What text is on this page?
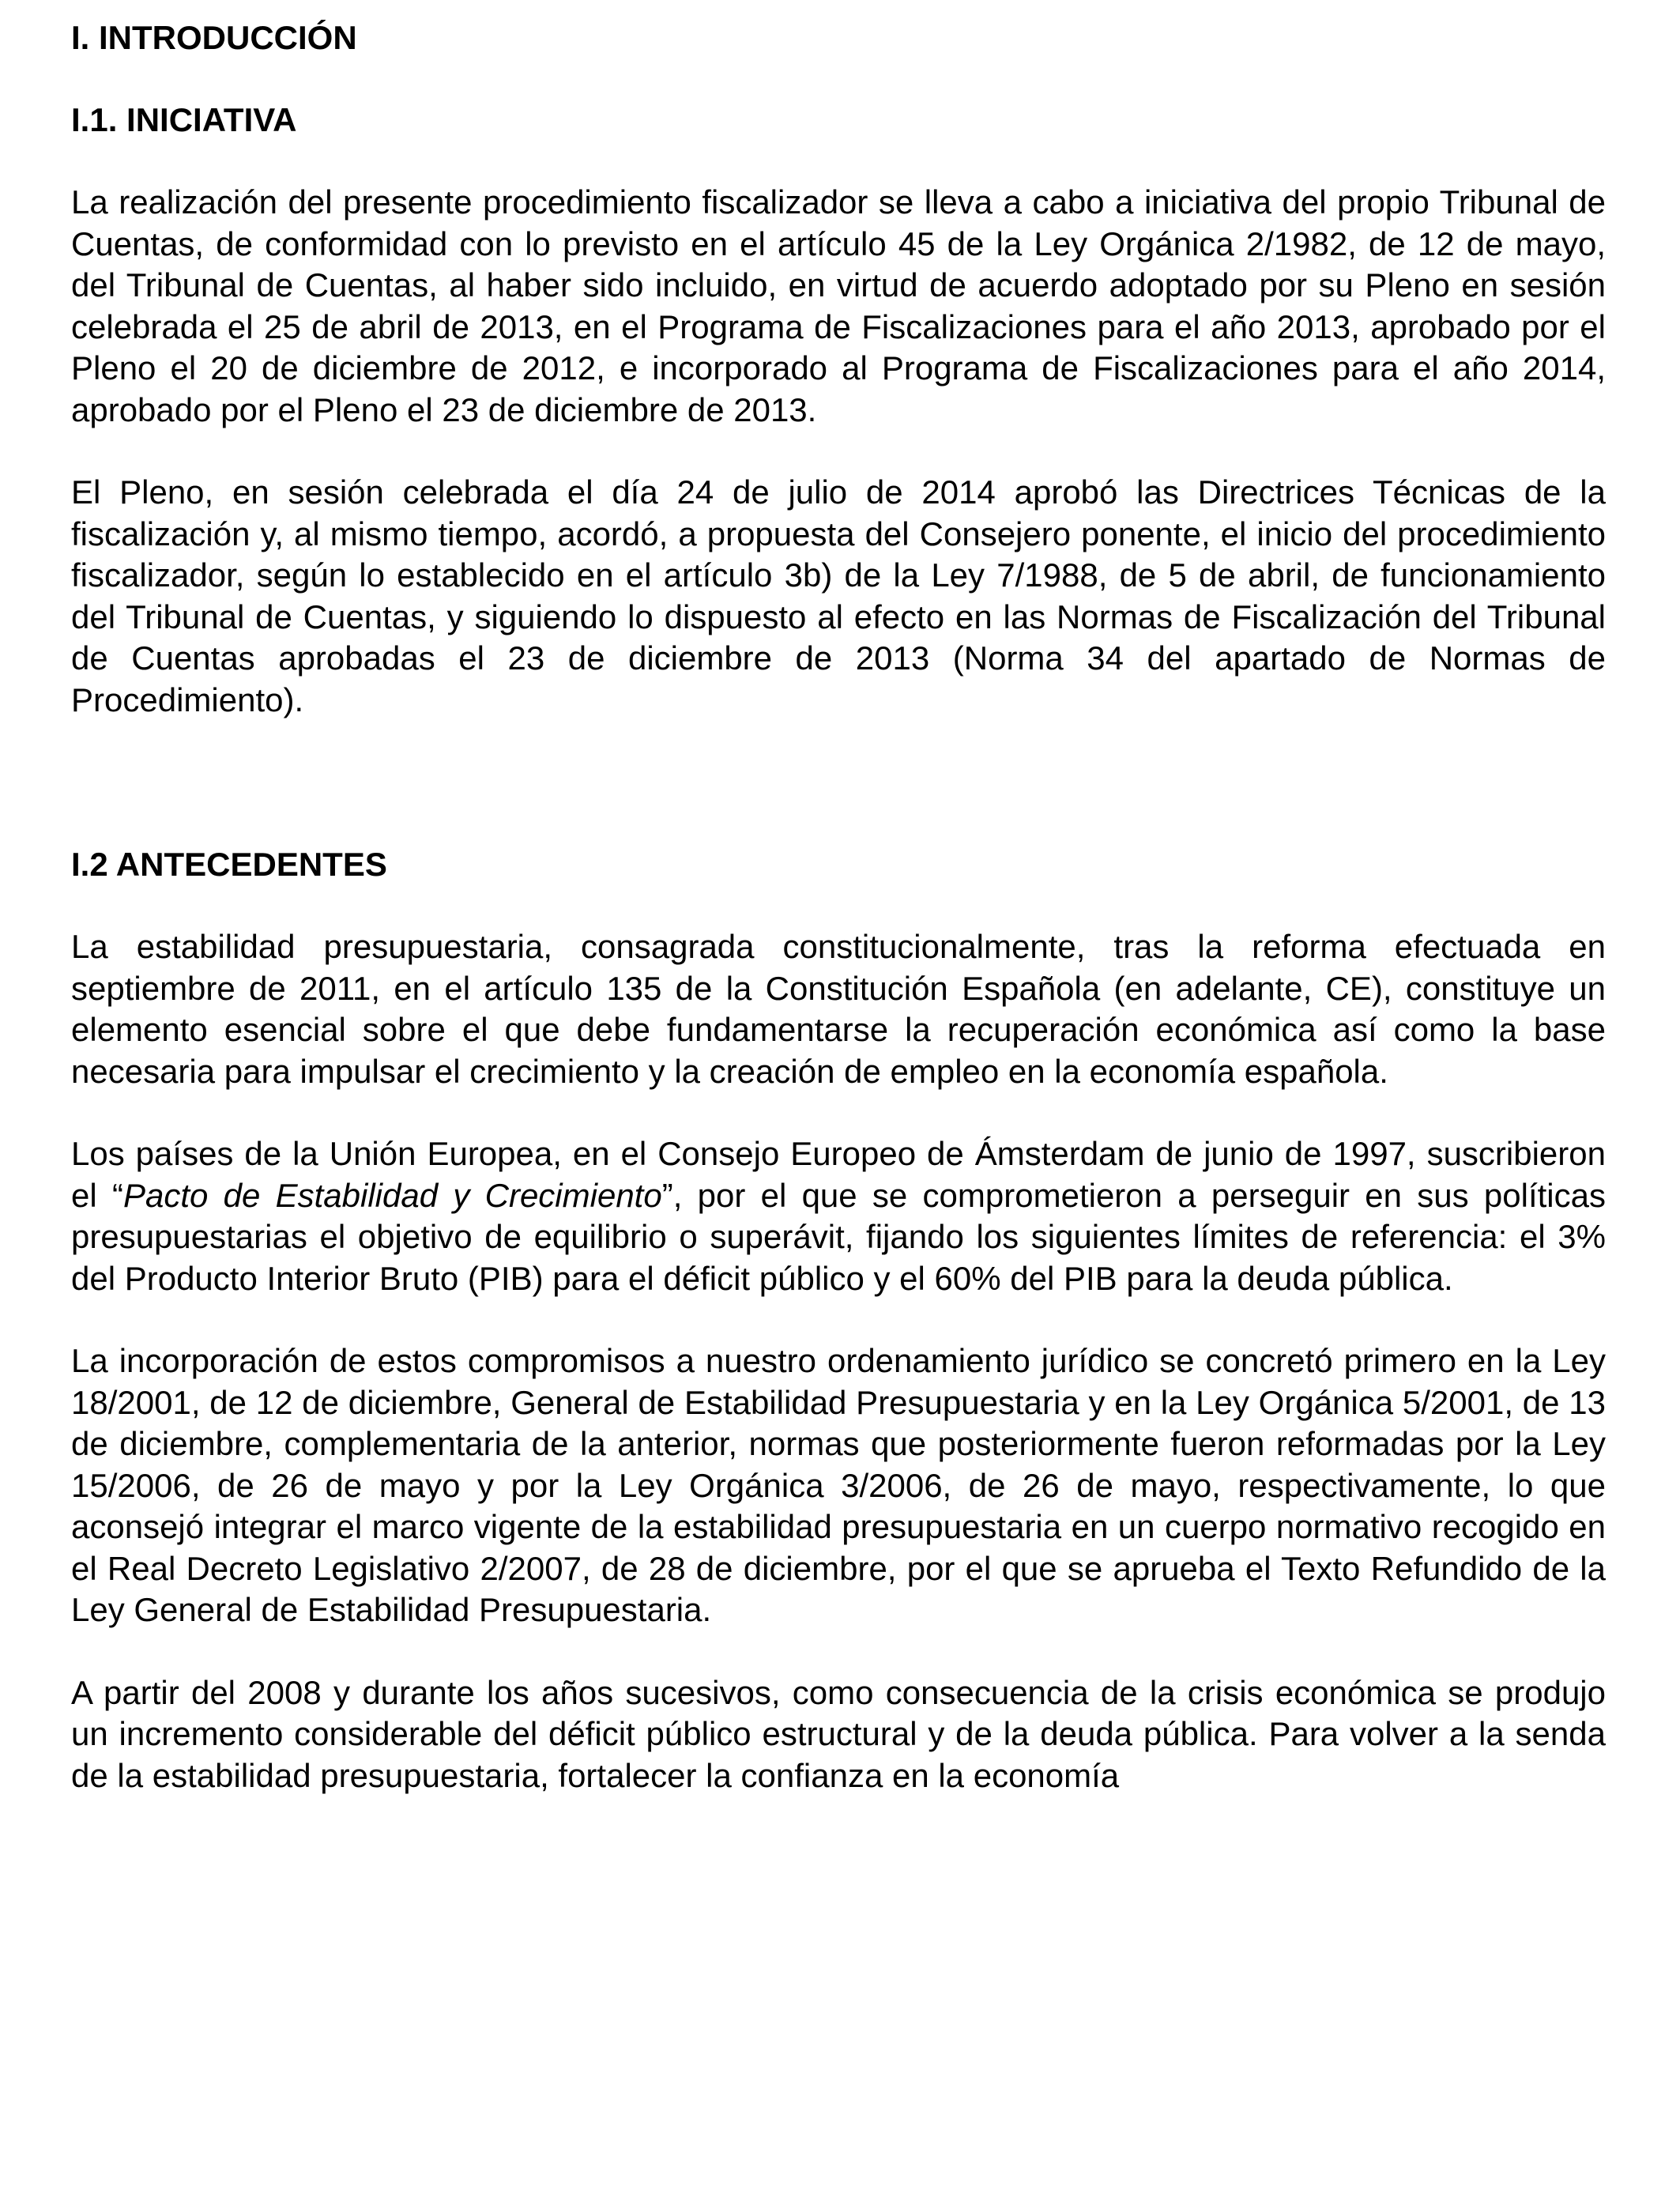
I. INTRODUCCIÓN
I.1. INICIATIVA

La realización del presente procedimiento fiscalizador se lleva a cabo a iniciativa del propio Tribunal de Cuentas, de conformidad con lo previsto en el artículo 45 de la Ley Orgánica 2/1982, de 12 de mayo, del Tribunal de Cuentas, al haber sido incluido, en virtud de acuerdo adoptado por su Pleno en sesión celebrada el 25 de abril de 2013, en el Programa de Fiscalizaciones para el año 2013, aprobado por el Pleno el 20 de diciembre de 2012, e incorporado al Programa de Fiscalizaciones para el año 2014, aprobado por el Pleno el 23 de diciembre de 2013.

El Pleno, en sesión celebrada el día 24 de julio de 2014 aprobó las Directrices Técnicas de la fiscalización y, al mismo tiempo, acordó, a propuesta del Consejero ponente, el inicio del procedimiento fiscalizador, según lo establecido en el artículo 3b) de la Ley 7/1988, de 5 de abril, de funcionamiento del Tribunal de Cuentas, y siguiendo lo dispuesto al efecto en las Normas de Fiscalización del Tribunal de Cuentas aprobadas el 23 de diciembre de 2013 (Norma 34 del apartado de Normas de Procedimiento).

I.2 ANTECEDENTES

La estabilidad presupuestaria, consagrada constitucionalmente, tras la reforma efectuada en septiembre de 2011, en el artículo 135 de la Constitución Española (en adelante, CE), constituye un elemento esencial sobre el que debe fundamentarse la recuperación económica así como la base necesaria para impulsar el crecimiento y la creación de empleo en la economía española.

Los países de la Unión Europea, en el Consejo Europeo de Ámsterdam de junio de 1997, suscribieron el “Pacto de Estabilidad y Crecimiento”, por el que se comprometieron a perseguir en sus políticas presupuestarias el objetivo de equilibrio o superávit, fijando los siguientes límites de referencia: el 3% del Producto Interior Bruto (PIB) para el déficit público y el 60% del PIB para la deuda pública.

La incorporación de estos compromisos a nuestro ordenamiento jurídico se concretó primero en la Ley 18/2001, de 12 de diciembre, General de Estabilidad Presupuestaria y en la Ley Orgánica 5/2001, de 13 de diciembre, complementaria de la anterior, normas que posteriormente fueron reformadas por la Ley 15/2006, de 26 de mayo y por la Ley Orgánica 3/2006, de 26 de mayo, respectivamente, lo que aconsejó integrar el marco vigente de la estabilidad presupuestaria en un cuerpo normativo recogido en el Real Decreto Legislativo 2/2007, de 28 de diciembre, por el que se aprueba el Texto Refundido de la Ley General de Estabilidad Presupuestaria.

A partir del 2008 y durante los años sucesivos, como consecuencia de la crisis económica se produjo un incremento considerable del déficit público estructural y de la deuda pública. Para volver a la senda de la estabilidad presupuestaria, fortalecer la confianza en la economía
